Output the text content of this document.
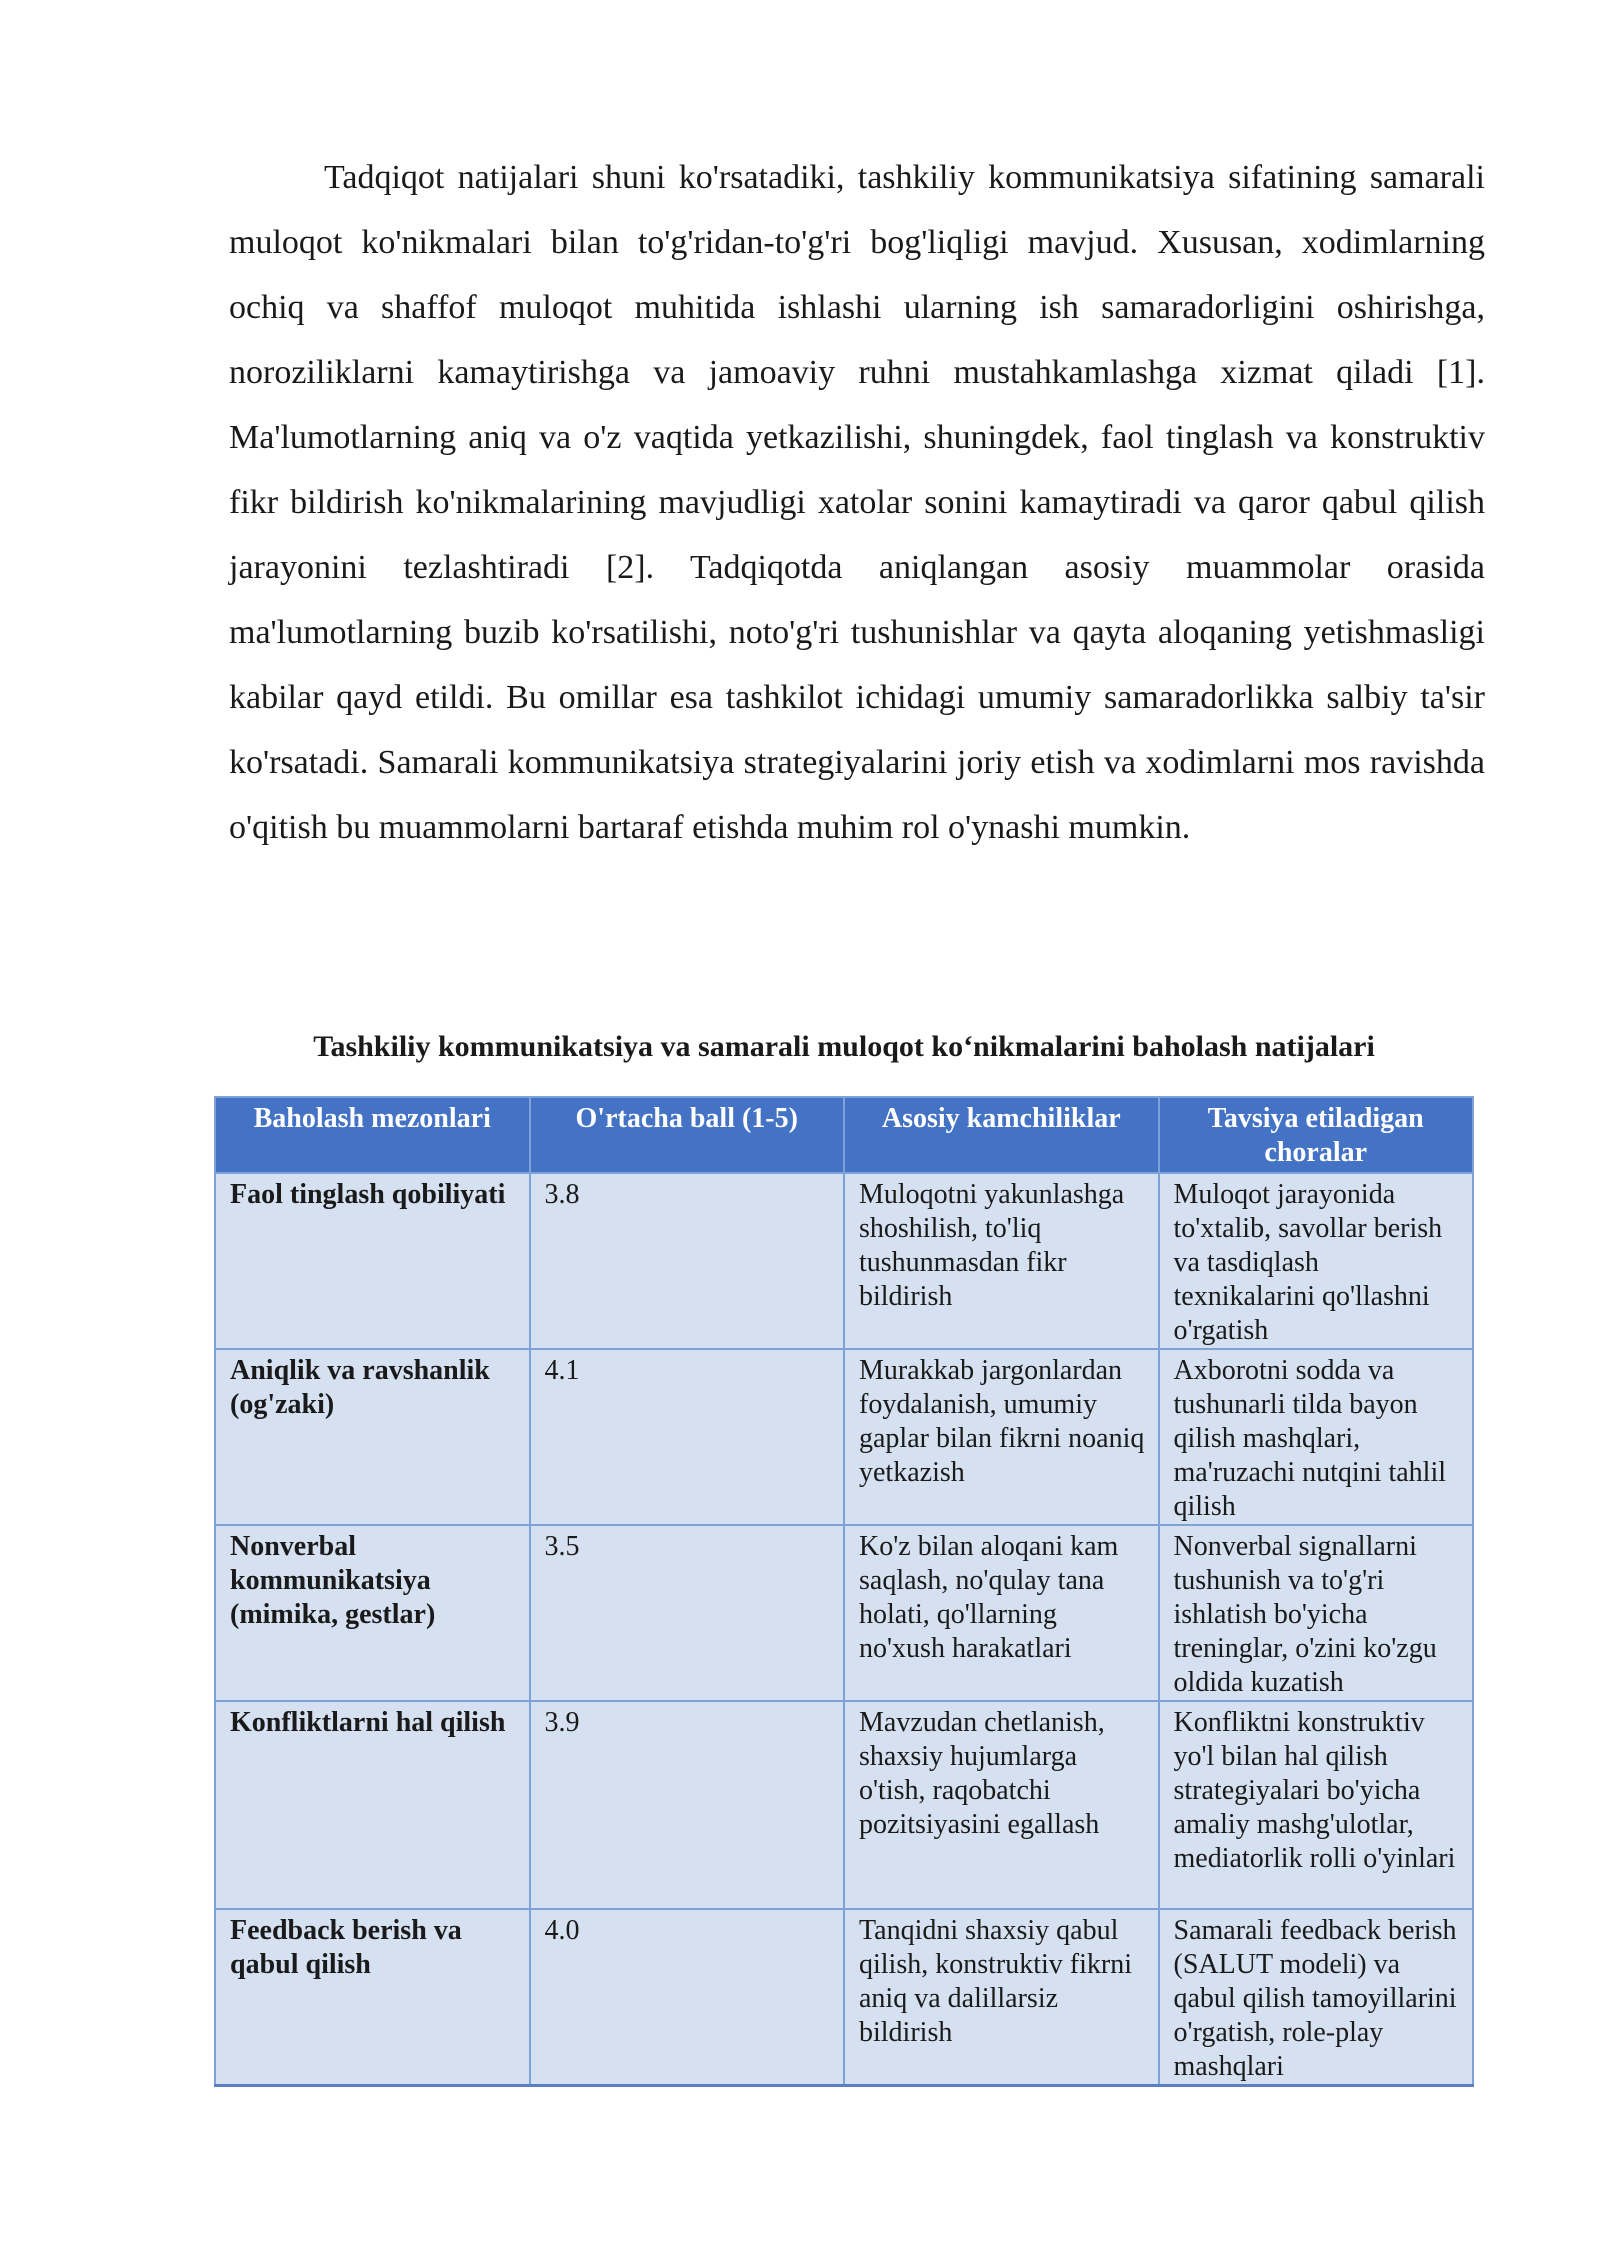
Tadqiqot natijalari shuni ko'rsatadiki, tashkiliy kommunikatsiya sifatining samarali muloqot ko'nikmalari bilan to'g'ridan-to'g'ri bog'liqligi mavjud. Xususan, xodimlarning ochiq va shaffof muloqot muhitida ishlashi ularning ish samaradorligini oshirishga, noroziliklarni kamaytirishga va jamoaviy ruhni mustahkamlashga xizmat qiladi [1]. Ma'lumotlarning aniq va o'z vaqtida yetkazilishi, shuningdek, faol tinglash va konstruktiv fikr bildirish ko'nikmalarining mavjudligi xatolar sonini kamaytiradi va qaror qabul qilish jarayonini tezlashtiradi [2]. Tadqiqotda aniqlangan asosiy muammolar orasida ma'lumotlarning buzib ko'rsatilishi, noto'g'ri tushunishlar va qayta aloqaning yetishmasligi kabilar qayd etildi. Bu omillar esa tashkilot ichidagi umumiy samaradorlikka salbiy ta'sir ko'rsatadi. Samarali kommunikatsiya strategiyalarini joriy etish va xodimlarni mos ravishda o'qitish bu muammolarni bartaraf etishda muhim rol o'ynashi mumkin.

Tashkiliy kommunikatsiya va samarali muloqot ko‘nikmalarini baholash natijalari

Baholash mezonlari	O'rtacha ball (1-5)	Asosiy kamchiliklar	Tavsiya etiladigan choralar
Faol tinglash qobiliyati	3.8	Muloqotni yakunlashga shoshilish, to'liq tushunmasdan fikr bildirish	Muloqot jarayonida to'xtalib, savollar berish va tasdiqlash texnikalarini qo'llashni o'rgatish
Aniqlik va ravshanlik (og'zaki)	4.1	Murakkab jargonlardan foydalanish, umumiy gaplar bilan fikrni noaniq yetkazish	Axborotni sodda va tushunarli tilda bayon qilish mashqlari, ma'ruzachi nutqini tahlil qilish
Nonverbal kommunikatsiya (mimika, gestlar)	3.5	Ko'z bilan aloqani kam saqlash, no'qulay tana holati, qo'llarning no'xush harakatlari	Nonverbal signallarni tushunish va to'g'ri ishlatish bo'yicha treninglar, o'zini ko'zgu oldida kuzatish
Konfliktlarni hal qilish	3.9	Mavzudan chetlanish, shaxsiy hujumlarga o'tish, raqobatchi pozitsiyasini egallash	Konfliktni konstruktiv yo'l bilan hal qilish strategiyalari bo'yicha amaliy mashg'ulotlar, mediatorlik rolli o'yinlari
Feedback berish va qabul qilish	4.0	Tanqidni shaxsiy qabul qilish, konstruktiv fikrni aniq va dalillarsiz bildirish	Samarali feedback berish (SALUT modeli) va qabul qilish tamoyillarini o'rgatish, role-play mashqlari
